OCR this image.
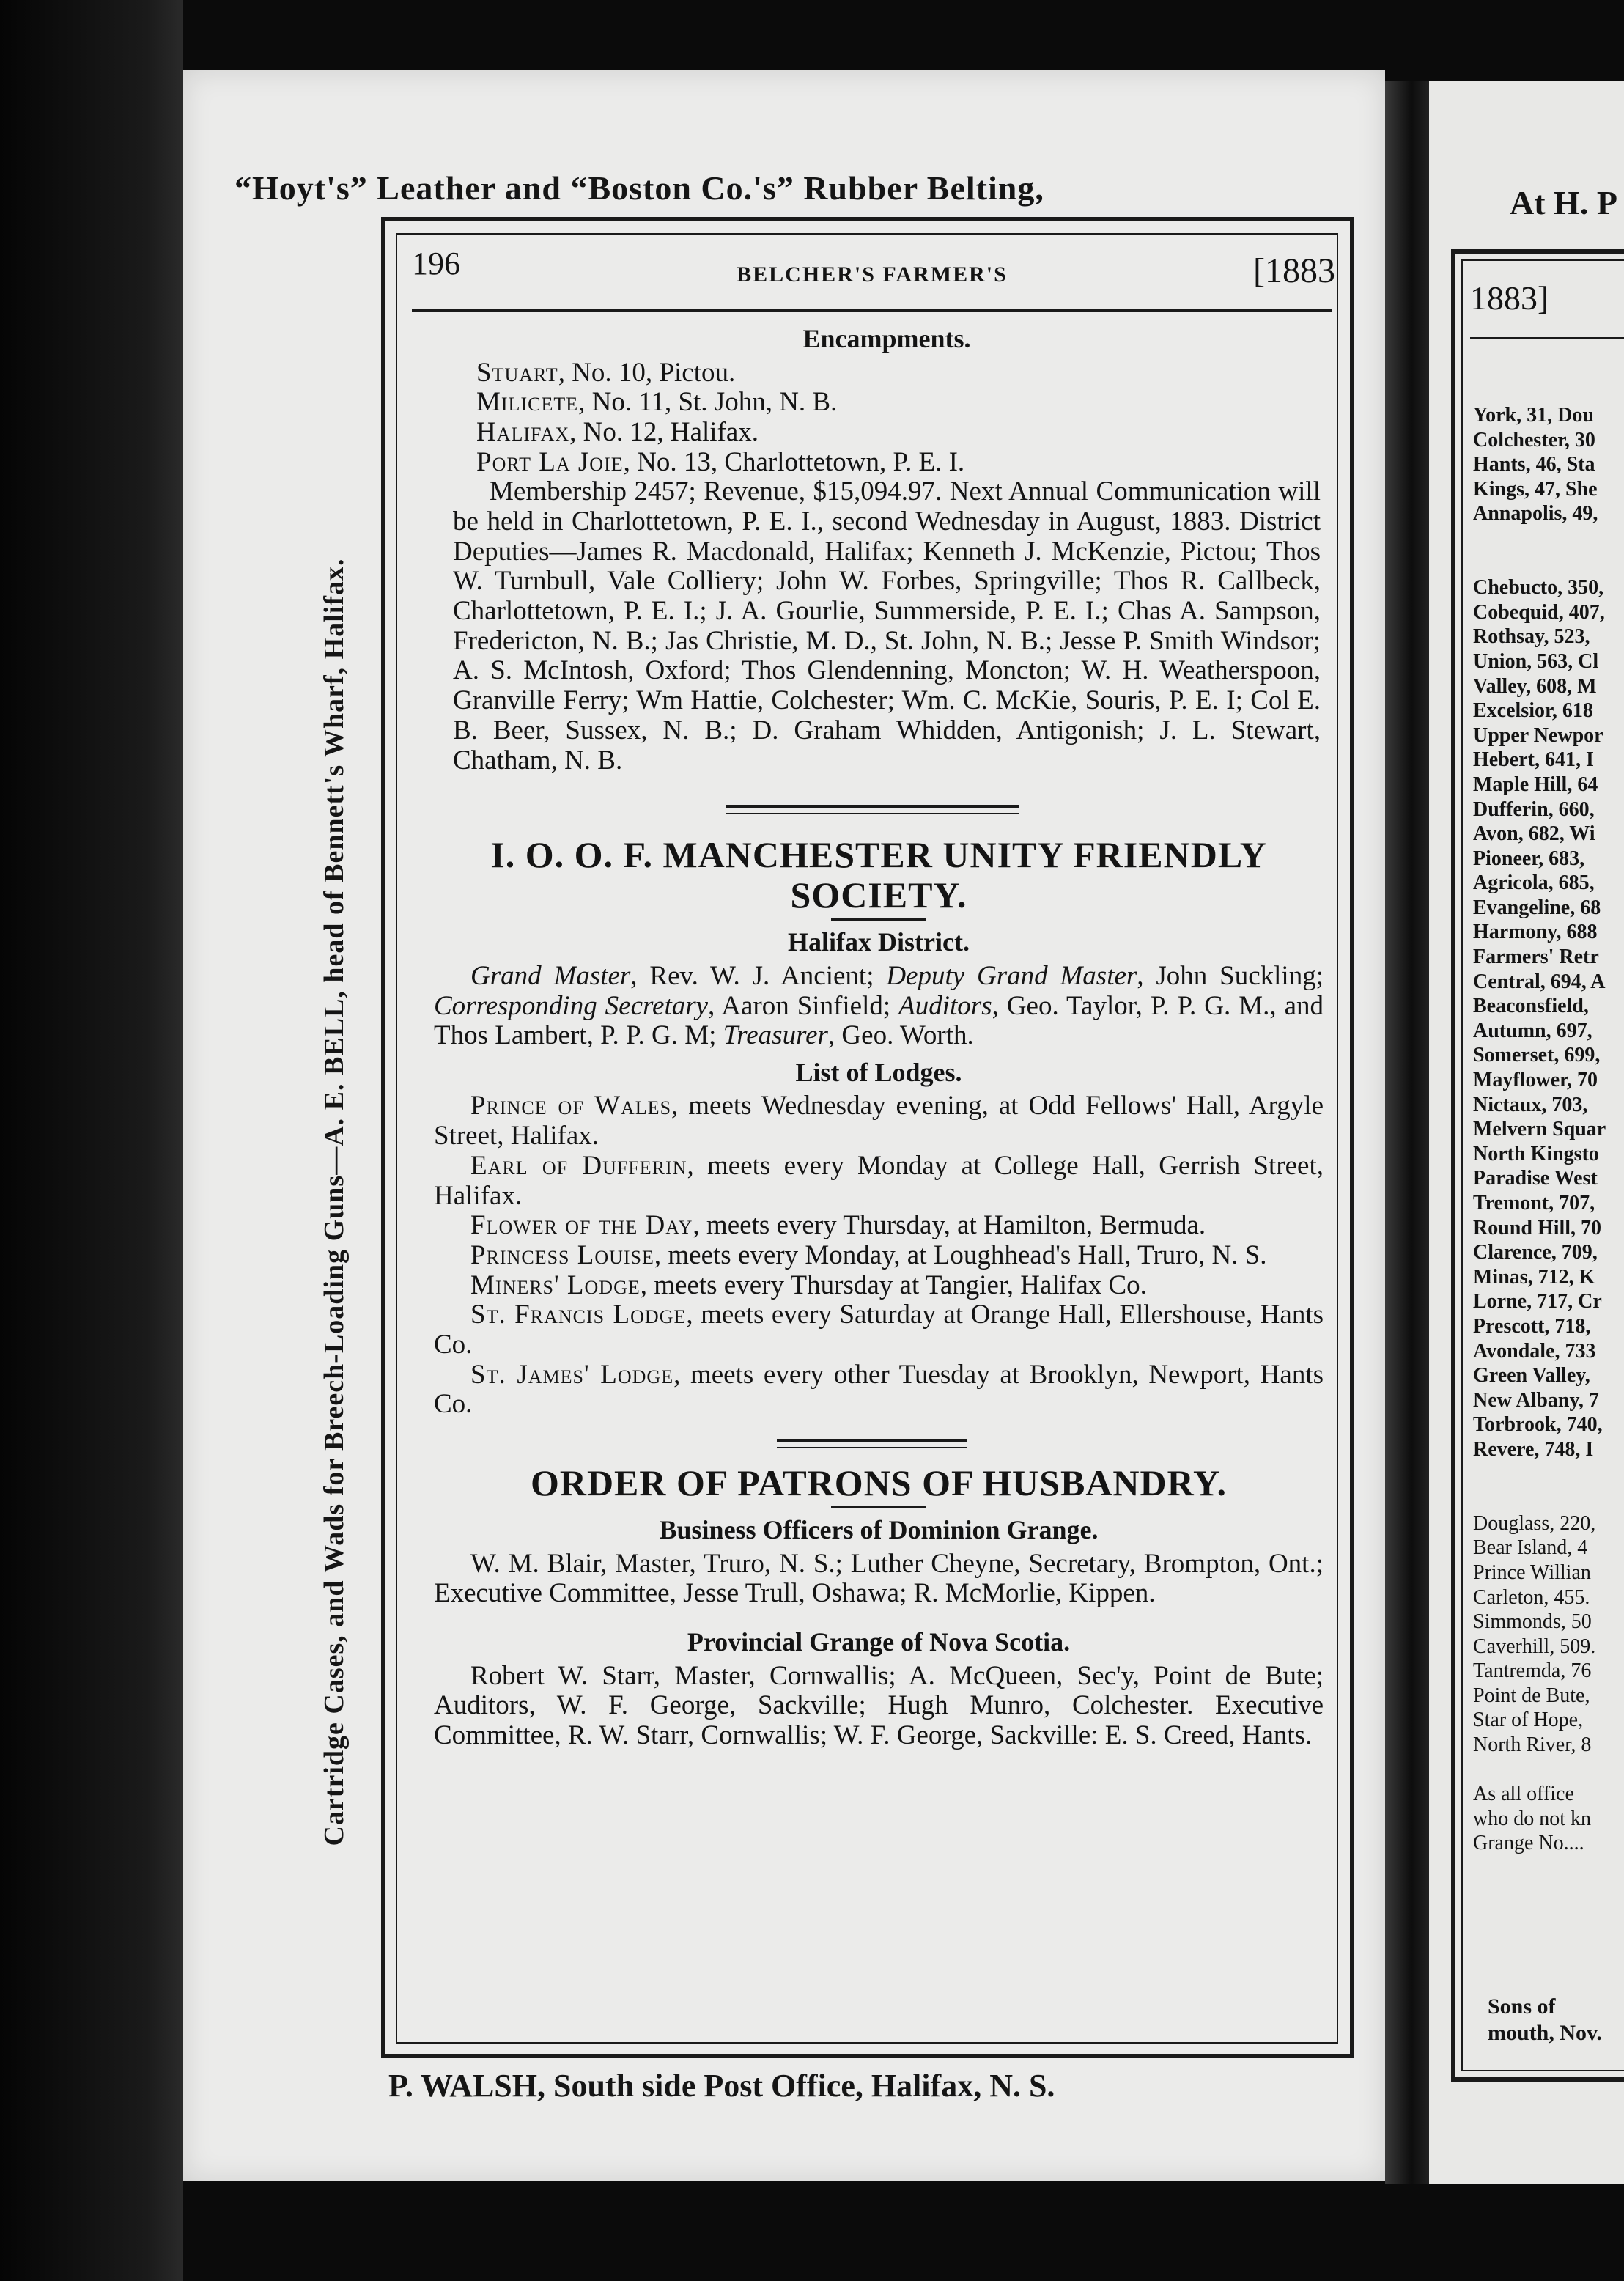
“Hoyt's” Leather and “Boston Co.'s” Rubber Belting,
Cartridge Cases, and Wads for Breech-Loading Guns—A. E. BELL, head of Bennett's Wharf, Halifax.
196	BELCHER'S FARMER'S	[1883
Encampments.
Stuart, No. 10, Pictou.
Milicete, No. 11, St. John, N. B.
Halifax, No. 12, Halifax.
Port La Joie, No. 13, Charlottetown, P. E. I.

Membership 2457; Revenue, $15,094.97. Next Annual Communication will be held in Charlottetown, P. E. I., second Wednesday in August, 1883. District Deputies—James R. Macdonald, Halifax; Kenneth J. McKenzie, Pictou; Thos W. Turnbull, Vale Colliery; John W. Forbes, Springville; Thos R. Callbeck, Charlottetown, P. E. I.; J. A. Gourlie, Summerside, P. E. I.; Chas A. Sampson, Fredericton, N. B.; Jas Christie, M. D., St. John, N. B.; Jesse P. Smith Windsor; A. S. McIntosh, Oxford; Thos Glendenning, Moncton; W. H. Weatherspoon, Granville Ferry; Wm Hattie, Colchester; Wm. C. McKie, Souris, P. E. I; Col E. B. Beer, Sussex, N. B.; D. Graham Whidden, Antigonish; J. L. Stewart, Chatham, N. B.

I. O. O. F. MANCHESTER UNITY FRIENDLY SOCIETY.
Halifax District.

Grand Master, Rev. W. J. Ancient; Deputy Grand Master, John Suckling; Corresponding Secretary, Aaron Sinfield; Auditors, Geo. Taylor, P. P. G. M., and Thos Lambert, P. P. G. M; Treasurer, Geo. Worth.

List of Lodges.

Prince of Wales, meets Wednesday evening, at Odd Fellows' Hall, Argyle Street, Halifax.

Earl of Dufferin, meets every Monday at College Hall, Gerrish Street, Halifax.

Flower of the Day, meets every Thursday, at Hamilton, Bermuda.

Princess Louise, meets every Monday, at Loughhead's Hall, Truro, N. S.

Miners' Lodge, meets every Thursday at Tangier, Halifax Co.

St. Francis Lodge, meets every Saturday at Orange Hall, Ellershouse, Hants Co.

St. James' Lodge, meets every other Tuesday at Brooklyn, Newport, Hants Co.

ORDER OF PATRONS OF HUSBANDRY.
Business Officers of Dominion Grange.

W. M. Blair, Master, Truro, N. S.; Luther Cheyne, Secretary, Brompton, Ont.; Executive Committee, Jesse Trull, Oshawa; R. McMorlie, Kippen.

Provincial Grange of Nova Scotia.

Robert W. Starr, Master, Cornwallis; A. McQueen, Sec'y, Point de Bute; Auditors, W. F. George, Sackville; Hugh Munro, Colchester. Executive Committee, R. W. Starr, Cornwallis; W. F. George, Sackville: E. S. Creed, Hants.

P. WALSH, South side Post Office, Halifax, N. S.
At H. P
1883]
York, 31, Dou
Colchester, 30
Hants, 46, Sta
Kings, 47, She
Annapolis, 49,
Chebucto, 350,
Cobequid, 407,
Rothsay, 523,
Union, 563, Cl
Valley, 608, M
Excelsior, 618
Upper Newpor
Hebert, 641, I
Maple Hill, 64
Dufferin, 660,
Avon, 682, Wi
Pioneer, 683,
Agricola, 685,
Evangeline, 68
Harmony, 688
Farmers' Retr
Central, 694, A
Beaconsfield,
Autumn, 697,
Somerset, 699,
Mayflower, 70
Nictaux, 703,
Melvern Squar
North Kingsto
Paradise West
Tremont, 707,
Round Hill, 70
Clarence, 709,
Minas, 712, K
Lorne, 717, Cr
Prescott, 718,
Avondale, 733
Green Valley,
New Albany, 7
Torbrook, 740,
Revere, 748, I
Douglass, 220,
Bear Island, 4
Prince Willian
Carleton, 455.
Simmonds, 50
Caverhill, 509.
Tantremda, 76
Point de Bute,
Star of Hope,
North River, 8
As all office
who do not kn
Grange No....
Sons of
mouth, Nov.
